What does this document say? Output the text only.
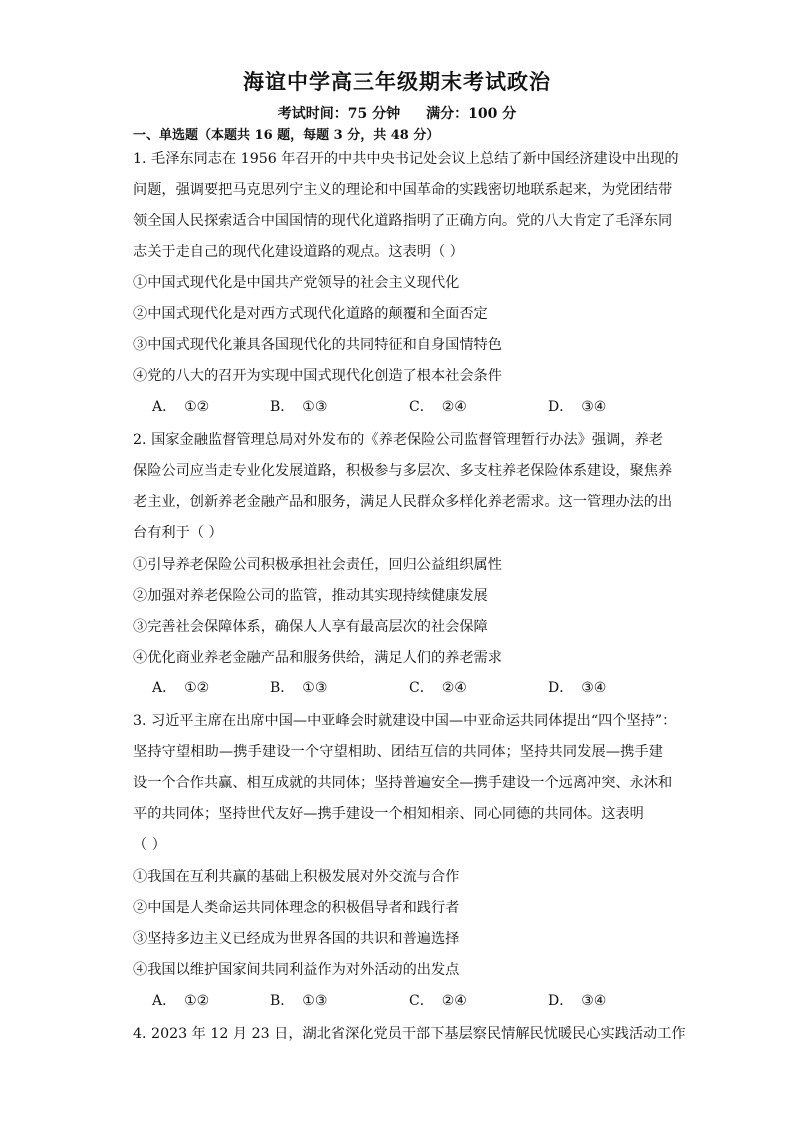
海谊中学高三年级期末考试政治
考试时间：75 分钟 满分：100 分
一、单选题（本题共 16 题，每题 3 分，共 48 分）
1. 毛泽东同志在 1956 年召开的中共中央书记处会议上总结了新中国经济建设中出现的
问题，强调要把马克思列宁主义的理论和中国革命的实践密切地联系起来，为党团结带
领全国人民探索适合中国国情的现代化道路指明了正确方向。党的八大肯定了毛泽东同
志关于走自己的现代化建设道路的观点。这表明（ ）
①中国式现代化是中国共产党领导的社会主义现代化
②中国式现代化是对西方式现代化道路的颠覆和全面否定
③中国式现代化兼具各国现代化的共同特征和自身国情特色
④党的八大的召开为实现中国式现代化创造了根本社会条件
A． ①②	B． ①③	C． ②④	D． ③④
2. 国家金融监督管理总局对外发布的《养老保险公司监督管理暂行办法》强调，养老
保险公司应当走专业化发展道路，积极参与多层次、多支柱养老保险体系建设，聚焦养
老主业，创新养老金融产品和服务，满足人民群众多样化养老需求。这一管理办法的出
台有利于（ ）
①引导养老保险公司积极承担社会责任，回归公益组织属性
②加强对养老保险公司的监管，推动其实现持续健康发展
③完善社会保障体系，确保人人享有最高层次的社会保障
④优化商业养老金融产品和服务供给，满足人们的养老需求
A． ①②	B． ①③	C． ②④	D． ③④
3. 习近平主席在出席中国—中亚峰会时就建设中国—中亚命运共同体提出“四个坚持”：
坚持守望相助—携手建设一个守望相助、团结互信的共同体；坚持共同发展—携手建
设一个合作共赢、相互成就的共同体；坚持普遍安全—携手建设一个远离冲突、永沐和
平的共同体；坚持世代友好—携手建设一个相知相亲、同心同德的共同体。这表明
（ ）
①我国在互利共赢的基础上积极发展对外交流与合作
②中国是人类命运共同体理念的积极倡导者和践行者
③坚持多边主义已经成为世界各国的共识和普遍选择
④我国以维护国家间共同利益作为对外活动的出发点
A． ①②	B． ①③	C． ②④	D． ③④
4. 2023 年 12 月 23 日，湖北省深化党员干部下基层察民情解民忧暖民心实践活动工作
